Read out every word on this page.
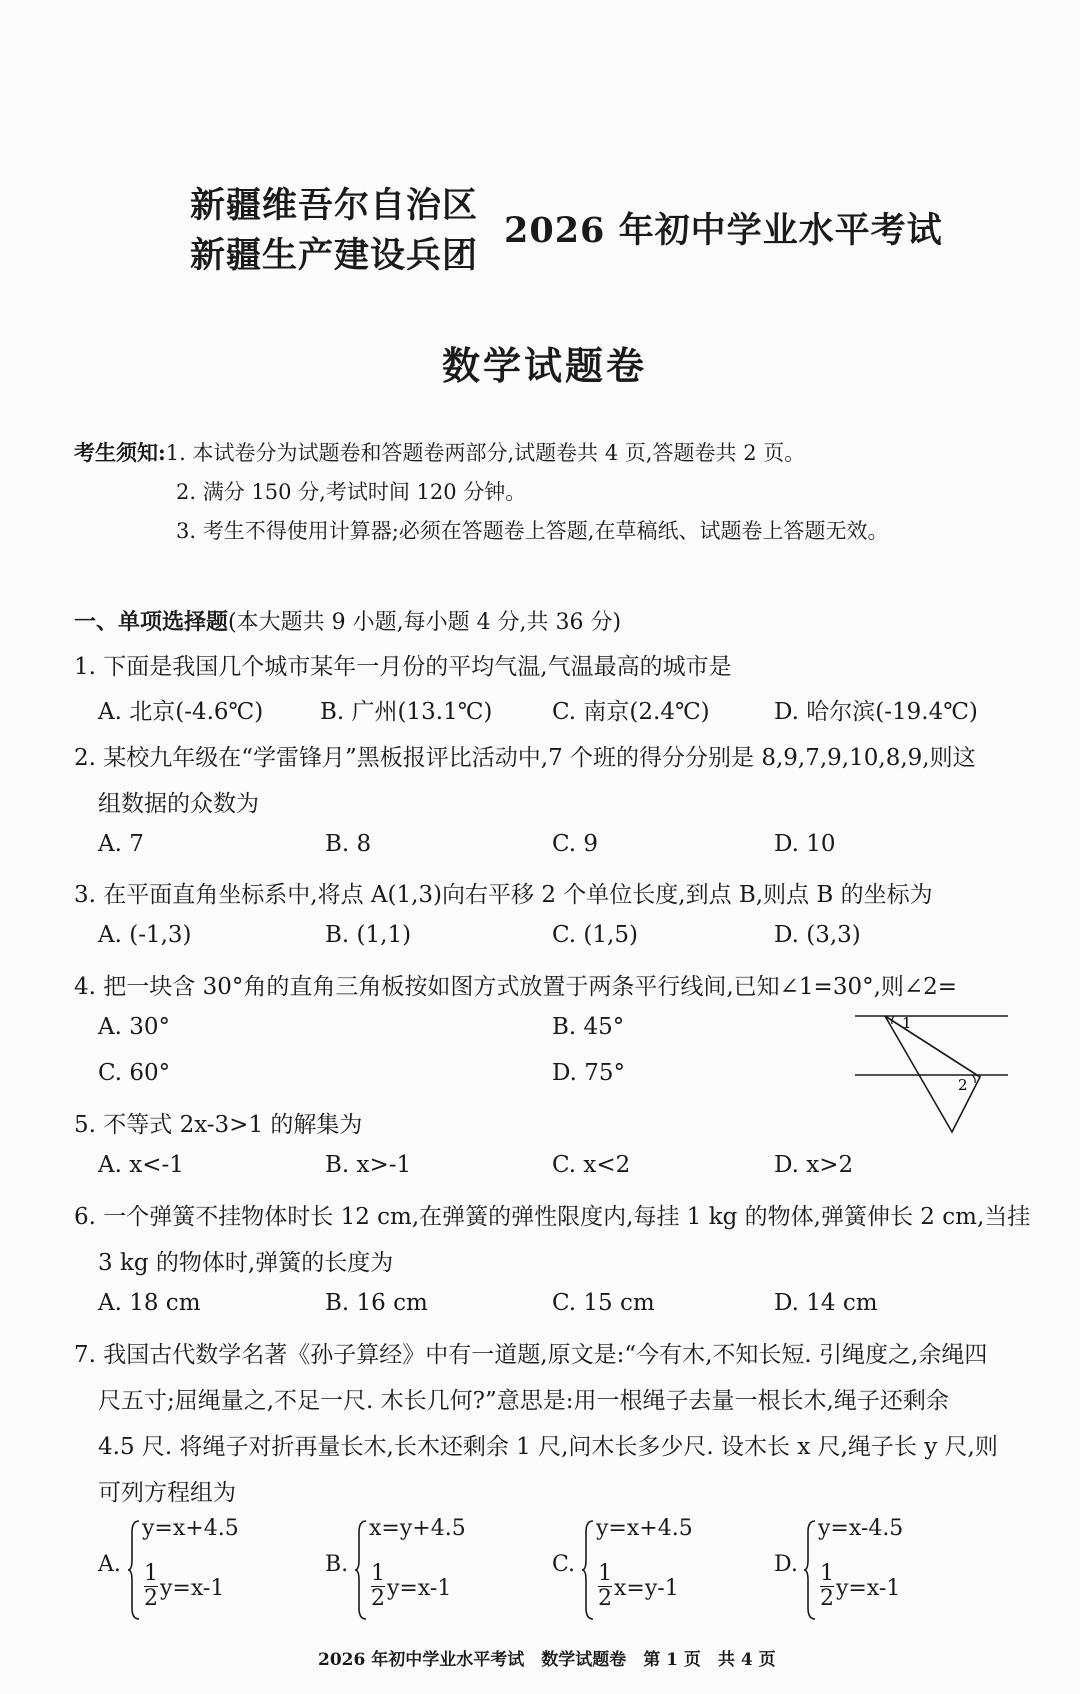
新疆维吾尔自治区
新疆生产建设兵团
2026 年初中学业水平考试
数学试题卷
考生须知:1. 本试卷分为试题卷和答题卷两部分,试题卷共 4 页,答题卷共 2 页。
2. 满分 150 分,考试时间 120 分钟。
3. 考生不得使用计算器;必须在答题卷上答题,在草稿纸、试题卷上答题无效。
一、单项选择题(本大题共 9 小题,每小题 4 分,共 36 分)
1. 下面是我国几个城市某年一月份的平均气温,气温最高的城市是
A. 北京(-4.6℃) B. 广州(13.1℃)	C. 南京(2.4℃)	D. 哈尔滨(-19.4℃)
2. 某校九年级在“学雷锋月”黑板报评比活动中,7 个班的得分分别是 8,9,7,9,10,8,9,则这
组数据的众数为
A. 7	B. 8	C. 9	D. 10
3. 在平面直角坐标系中,将点 A(1,3)向右平移 2 个单位长度,到点 B,则点 B 的坐标为
A. (-1,3)	B. (1,1)	C. (1,5)	D. (3,3)
4. 把一块含 30°角的直角三角板按如图方式放置于两条平行线间,已知∠1=30°,则∠2=
A. 30°	B. 45°
C. 60°	D. 75°
1
2
5. 不等式 2x-3>1 的解集为
A. x<-1	B. x>-1	C. x<2	D. x>2
6. 一个弹簧不挂物体时长 12 cm,在弹簧的弹性限度内,每挂 1 kg 的物体,弹簧伸长 2 cm,当挂
3 kg 的物体时,弹簧的长度为
A. 18 cm	B. 16 cm	C. 15 cm	D. 14 cm
7. 我国古代数学名著《孙子算经》中有一道题,原文是:“今有木,不知长短. 引绳度之,余绳四
尺五寸;屈绳量之,不足一尺. 木长几何?”意思是:用一根绳子去量一根长木,绳子还剩余
4.5 尺. 将绳子对折再量长木,长木还剩余 1 尺,问木长多少尺. 设木长 x 尺,绳子长 y 尺,则
可列方程组为
A.
y=x+4.5
$\frac{1}{2} y=x-1$
B.
x=y+4.5
$\frac{1}{2} y=x-1$
C.
y=x+4.5
$\frac{1}{2} x=y-1$
D.
y=x-4.5
$\frac{1}{2} y=x-1$
2026 年初中学业水平考试　数学试题卷　第 1 页　共 4 页
